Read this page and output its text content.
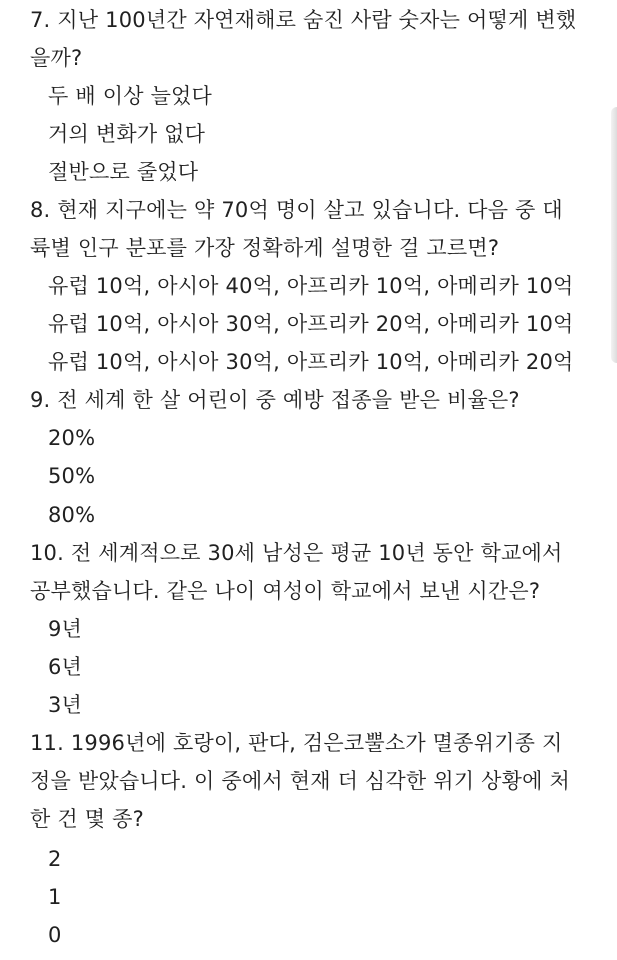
7. 지난 100년간 자연재해로 숨진 사람 숫자는 어떻게 변했
을까?
두 배 이상 늘었다
거의 변화가 없다
절반으로 줄었다
8. 현재 지구에는 약 70억 명이 살고 있습니다. 다음 중 대
륙별 인구 분포를 가장 정확하게 설명한 걸 고르면?
유럽 10억, 아시아 40억, 아프리카 10억, 아메리카 10억
유럽 10억, 아시아 30억, 아프리카 20억, 아메리카 10억
유럽 10억, 아시아 30억, 아프리카 10억, 아메리카 20억
9. 전 세계 한 살 어린이 중 예방 접종을 받은 비율은?
20%
50%
80%
10. 전 세계적으로 30세 남성은 평균 10년 동안 학교에서
공부했습니다. 같은 나이 여성이 학교에서 보낸 시간은?
9년
6년
3년
11. 1996년에 호랑이, 판다, 검은코뿔소가 멸종위기종 지
정을 받았습니다. 이 중에서 현재 더 심각한 위기 상황에 처
한 건 몇 종?
2
1
0
